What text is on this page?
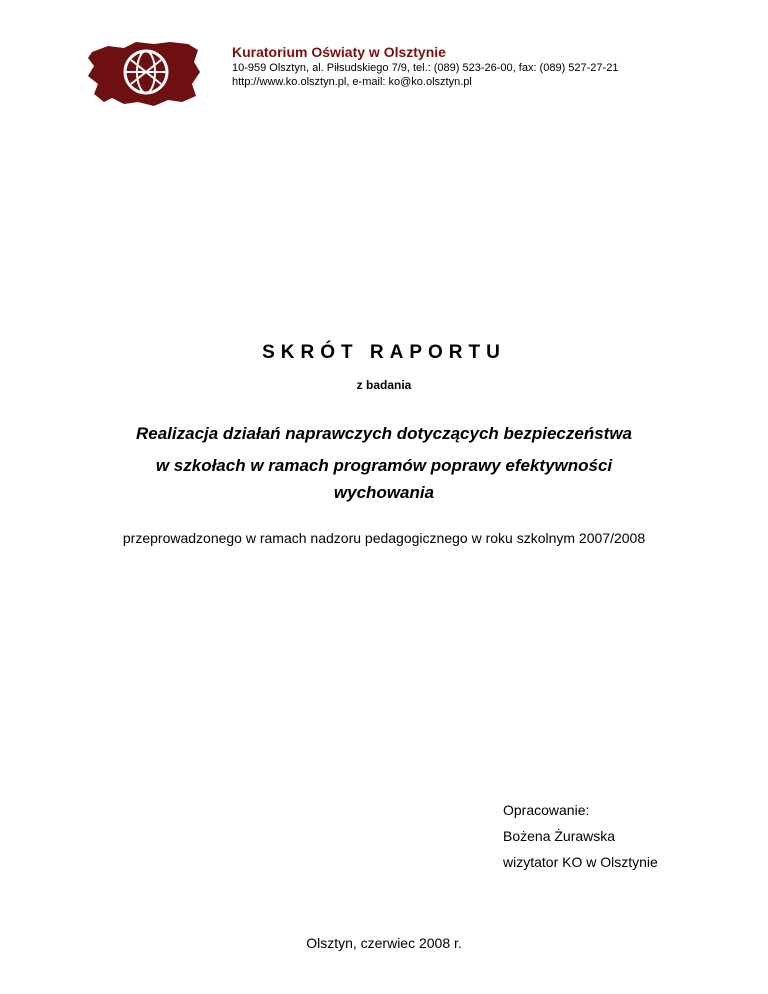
Kuratorium Oświaty w Olsztynie
10-959 Olsztyn, al. Piłsudskiego 7/9, tel.: (089) 523-26-00, fax: (089) 527-27-21
http://www.ko.olsztyn.pl, e-mail: ko@ko.olsztyn.pl
SKRÓT RAPORTU
z badania
Realizacja działań naprawczych dotyczących bezpieczeństwa
w szkołach w ramach programów poprawy efektywności
wychowania
przeprowadzonego w ramach nadzoru pedagogicznego w roku szkolnym 2007/2008
Opracowanie:
Bożena Żurawska
wizytator KO w Olsztynie
Olsztyn, czerwiec 2008 r.
